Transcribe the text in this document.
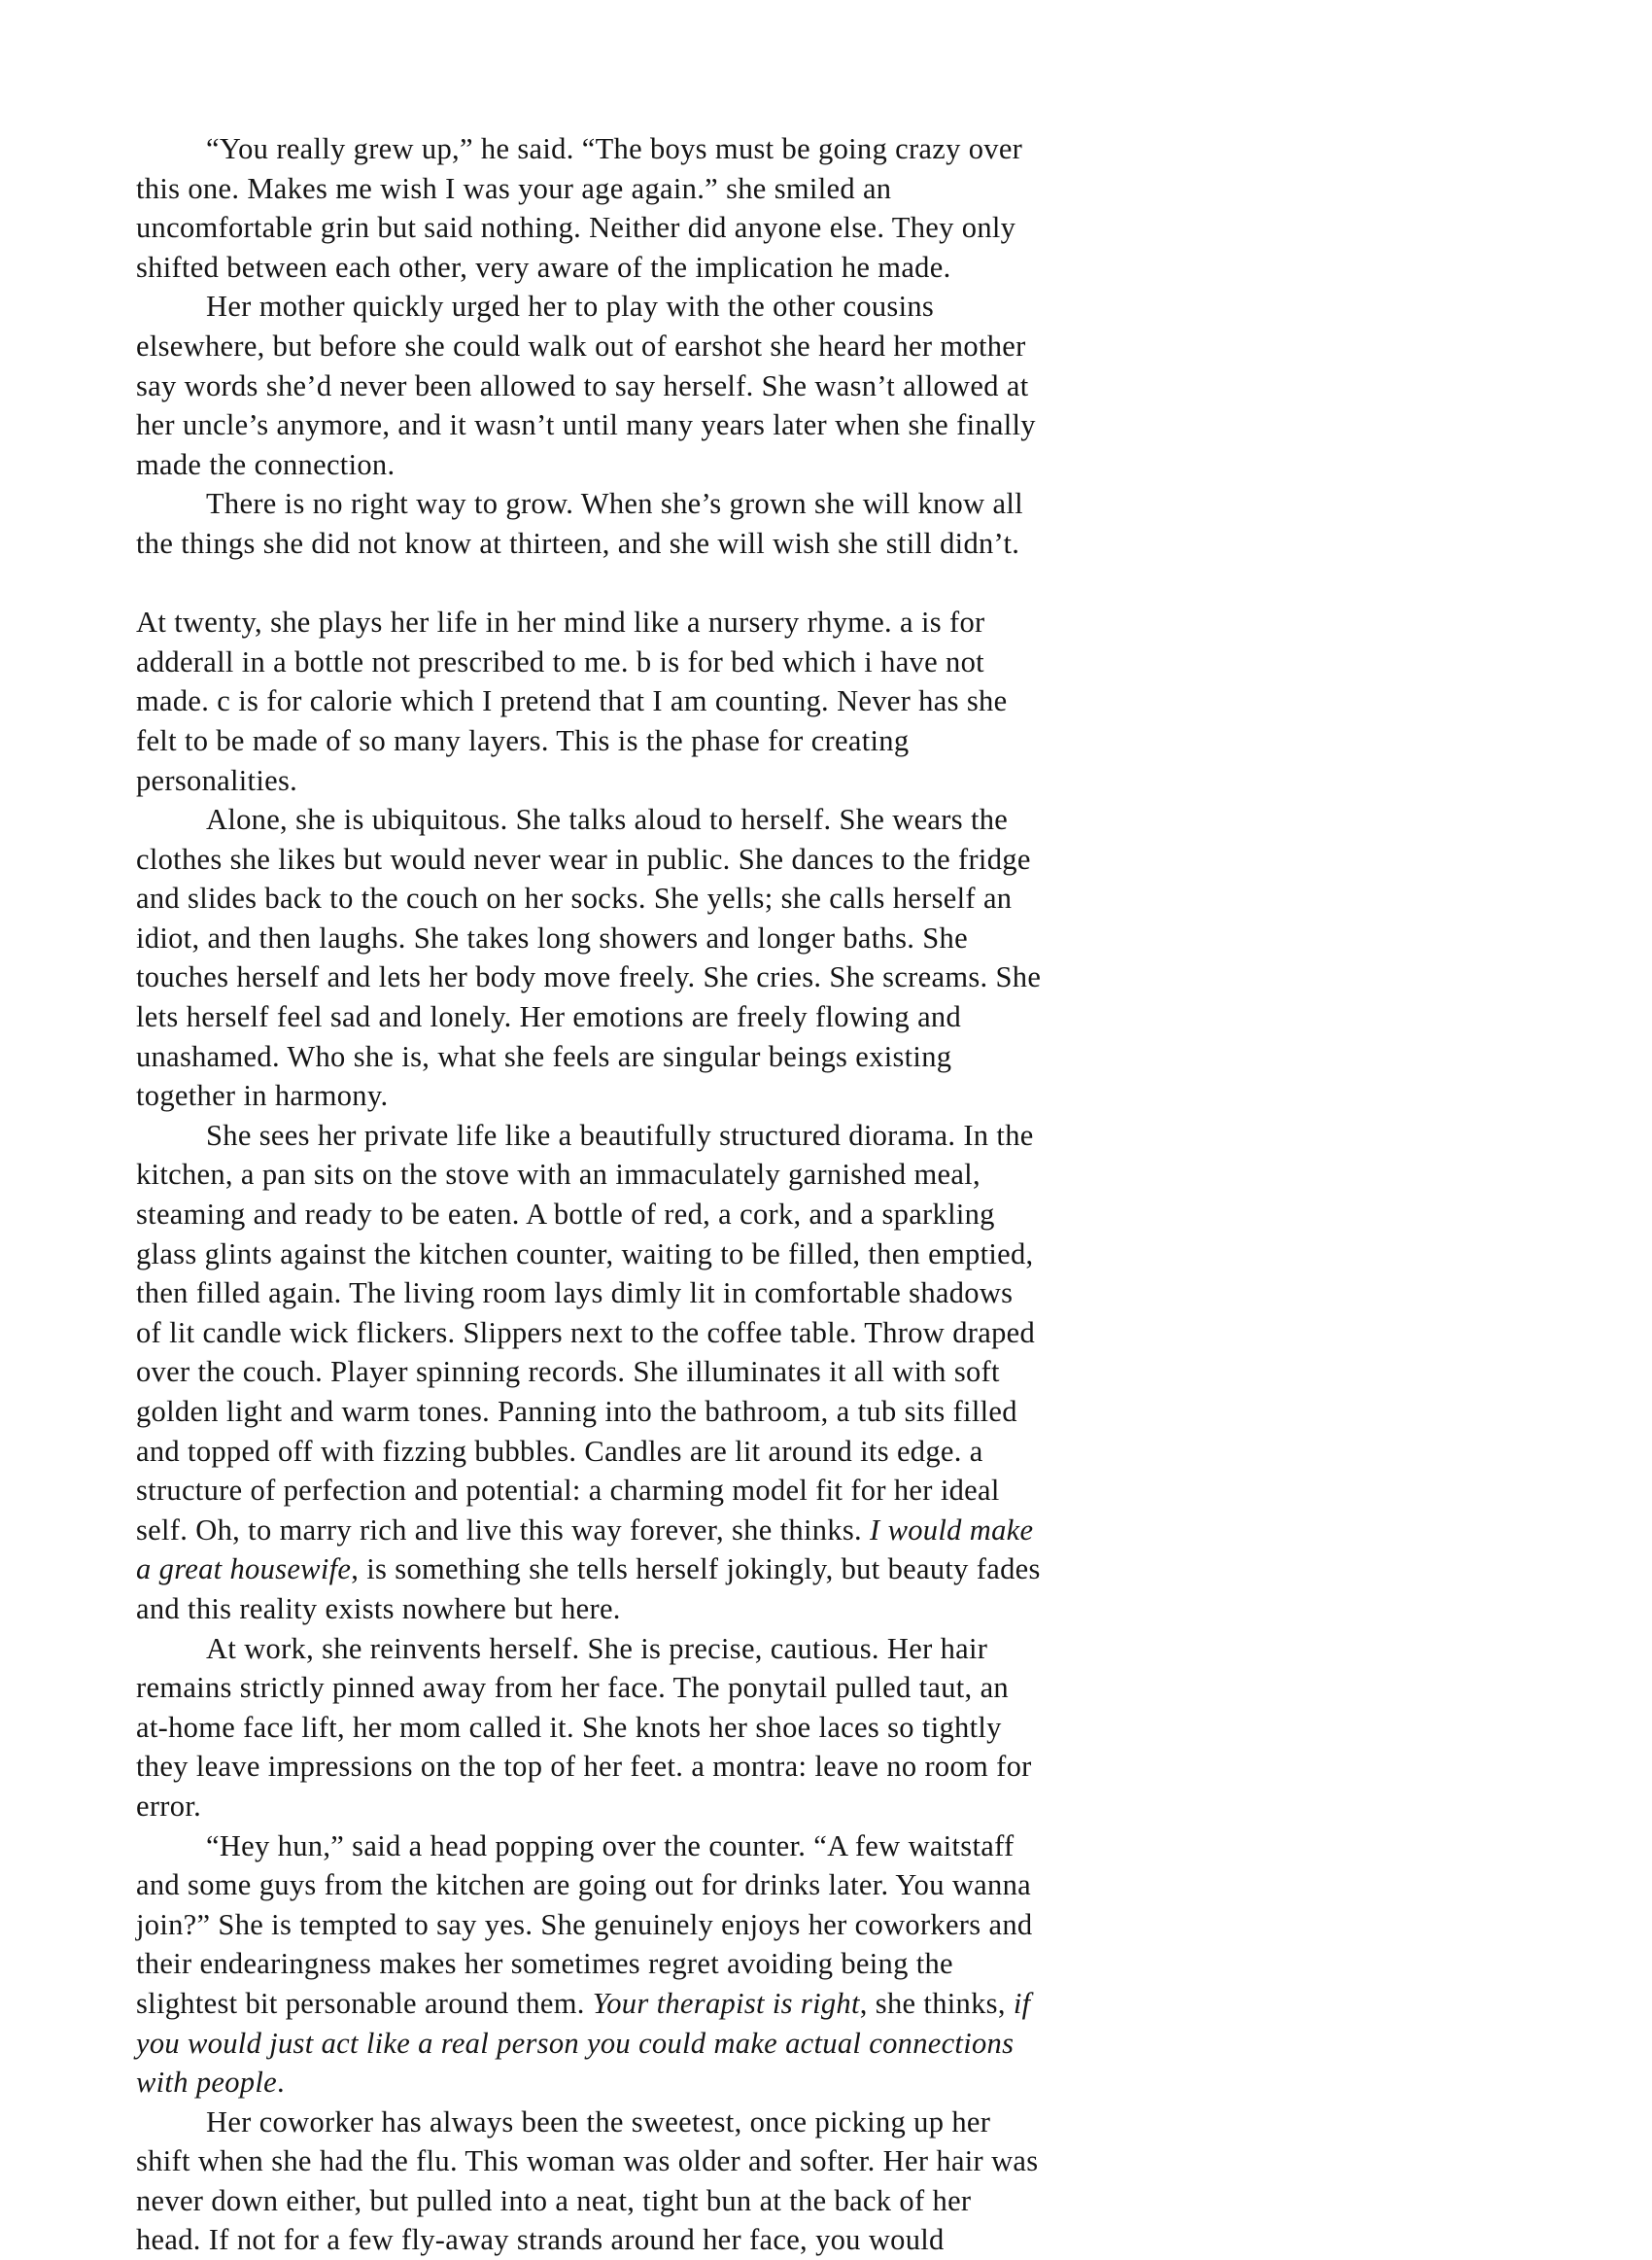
“You really grew up,” he said. “The boys must be going crazy over this one. Makes me wish I was your age again.” she smiled an uncomfortable grin but said nothing. Neither did anyone else. They only shifted between each other, very aware of the implication he made.

Her mother quickly urged her to play with the other cousins elsewhere, but before she could walk out of earshot she heard her mother say words she’d never been allowed to say herself. She wasn’t allowed at her uncle’s anymore, and it wasn’t until many years later when she finally made the connection.

There is no right way to grow. When she’s grown she will know all the things she did not know at thirteen, and she will wish she still didn’t.

At twenty, she plays her life in her mind like a nursery rhyme. a is for adderall in a bottle not prescribed to me. b is for bed which i have not made. c is for calorie which I pretend that I am counting. Never has she felt to be made of so many layers. This is the phase for creating personalities.

Alone, she is ubiquitous. She talks aloud to herself. She wears the clothes she likes but would never wear in public. She dances to the fridge and slides back to the couch on her socks. She yells; she calls herself an idiot, and then laughs. She takes long showers and longer baths. She touches herself and lets her body move freely. She cries. She screams. She lets herself feel sad and lonely. Her emotions are freely flowing and unashamed. Who she is, what she feels are singular beings existing together in harmony.

She sees her private life like a beautifully structured diorama. In the kitchen, a pan sits on the stove with an immaculately garnished meal, steaming and ready to be eaten. A bottle of red, a cork, and a sparkling glass glints against the kitchen counter, waiting to be filled, then emptied, then filled again. The living room lays dimly lit in comfortable shadows of lit candle wick flickers. Slippers next to the coffee table. Throw draped over the couch. Player spinning records. She illuminates it all with soft golden light and warm tones. Panning into the bathroom, a tub sits filled and topped off with fizzing bubbles. Candles are lit around its edge. a structure of perfection and potential: a charming model fit for her ideal self. Oh, to marry rich and live this way forever, she thinks. I would make a great housewife, is something she tells herself jokingly, but beauty fades and this reality exists nowhere but here.

At work, she reinvents herself. She is precise, cautious. Her hair remains strictly pinned away from her face. The ponytail pulled taut, an at-home face lift, her mom called it. She knots her shoe laces so tightly they leave impressions on the top of her feet. a montra: leave no room for error.

“Hey hun,” said a head popping over the counter. “A few waitstaff and some guys from the kitchen are going out for drinks later. You wanna join?” She is tempted to say yes. She genuinely enjoys her coworkers and their endearingness makes her sometimes regret avoiding being the slightest bit personable around them. Your therapist is right, she thinks, if you would just act like a real person you could make actual connections with people.

Her coworker has always been the sweetest, once picking up her shift when she had the flu. This woman was older and softer. Her hair was never down either, but pulled into a neat, tight bun at the back of her head. If not for a few fly-away strands around her face, you would
